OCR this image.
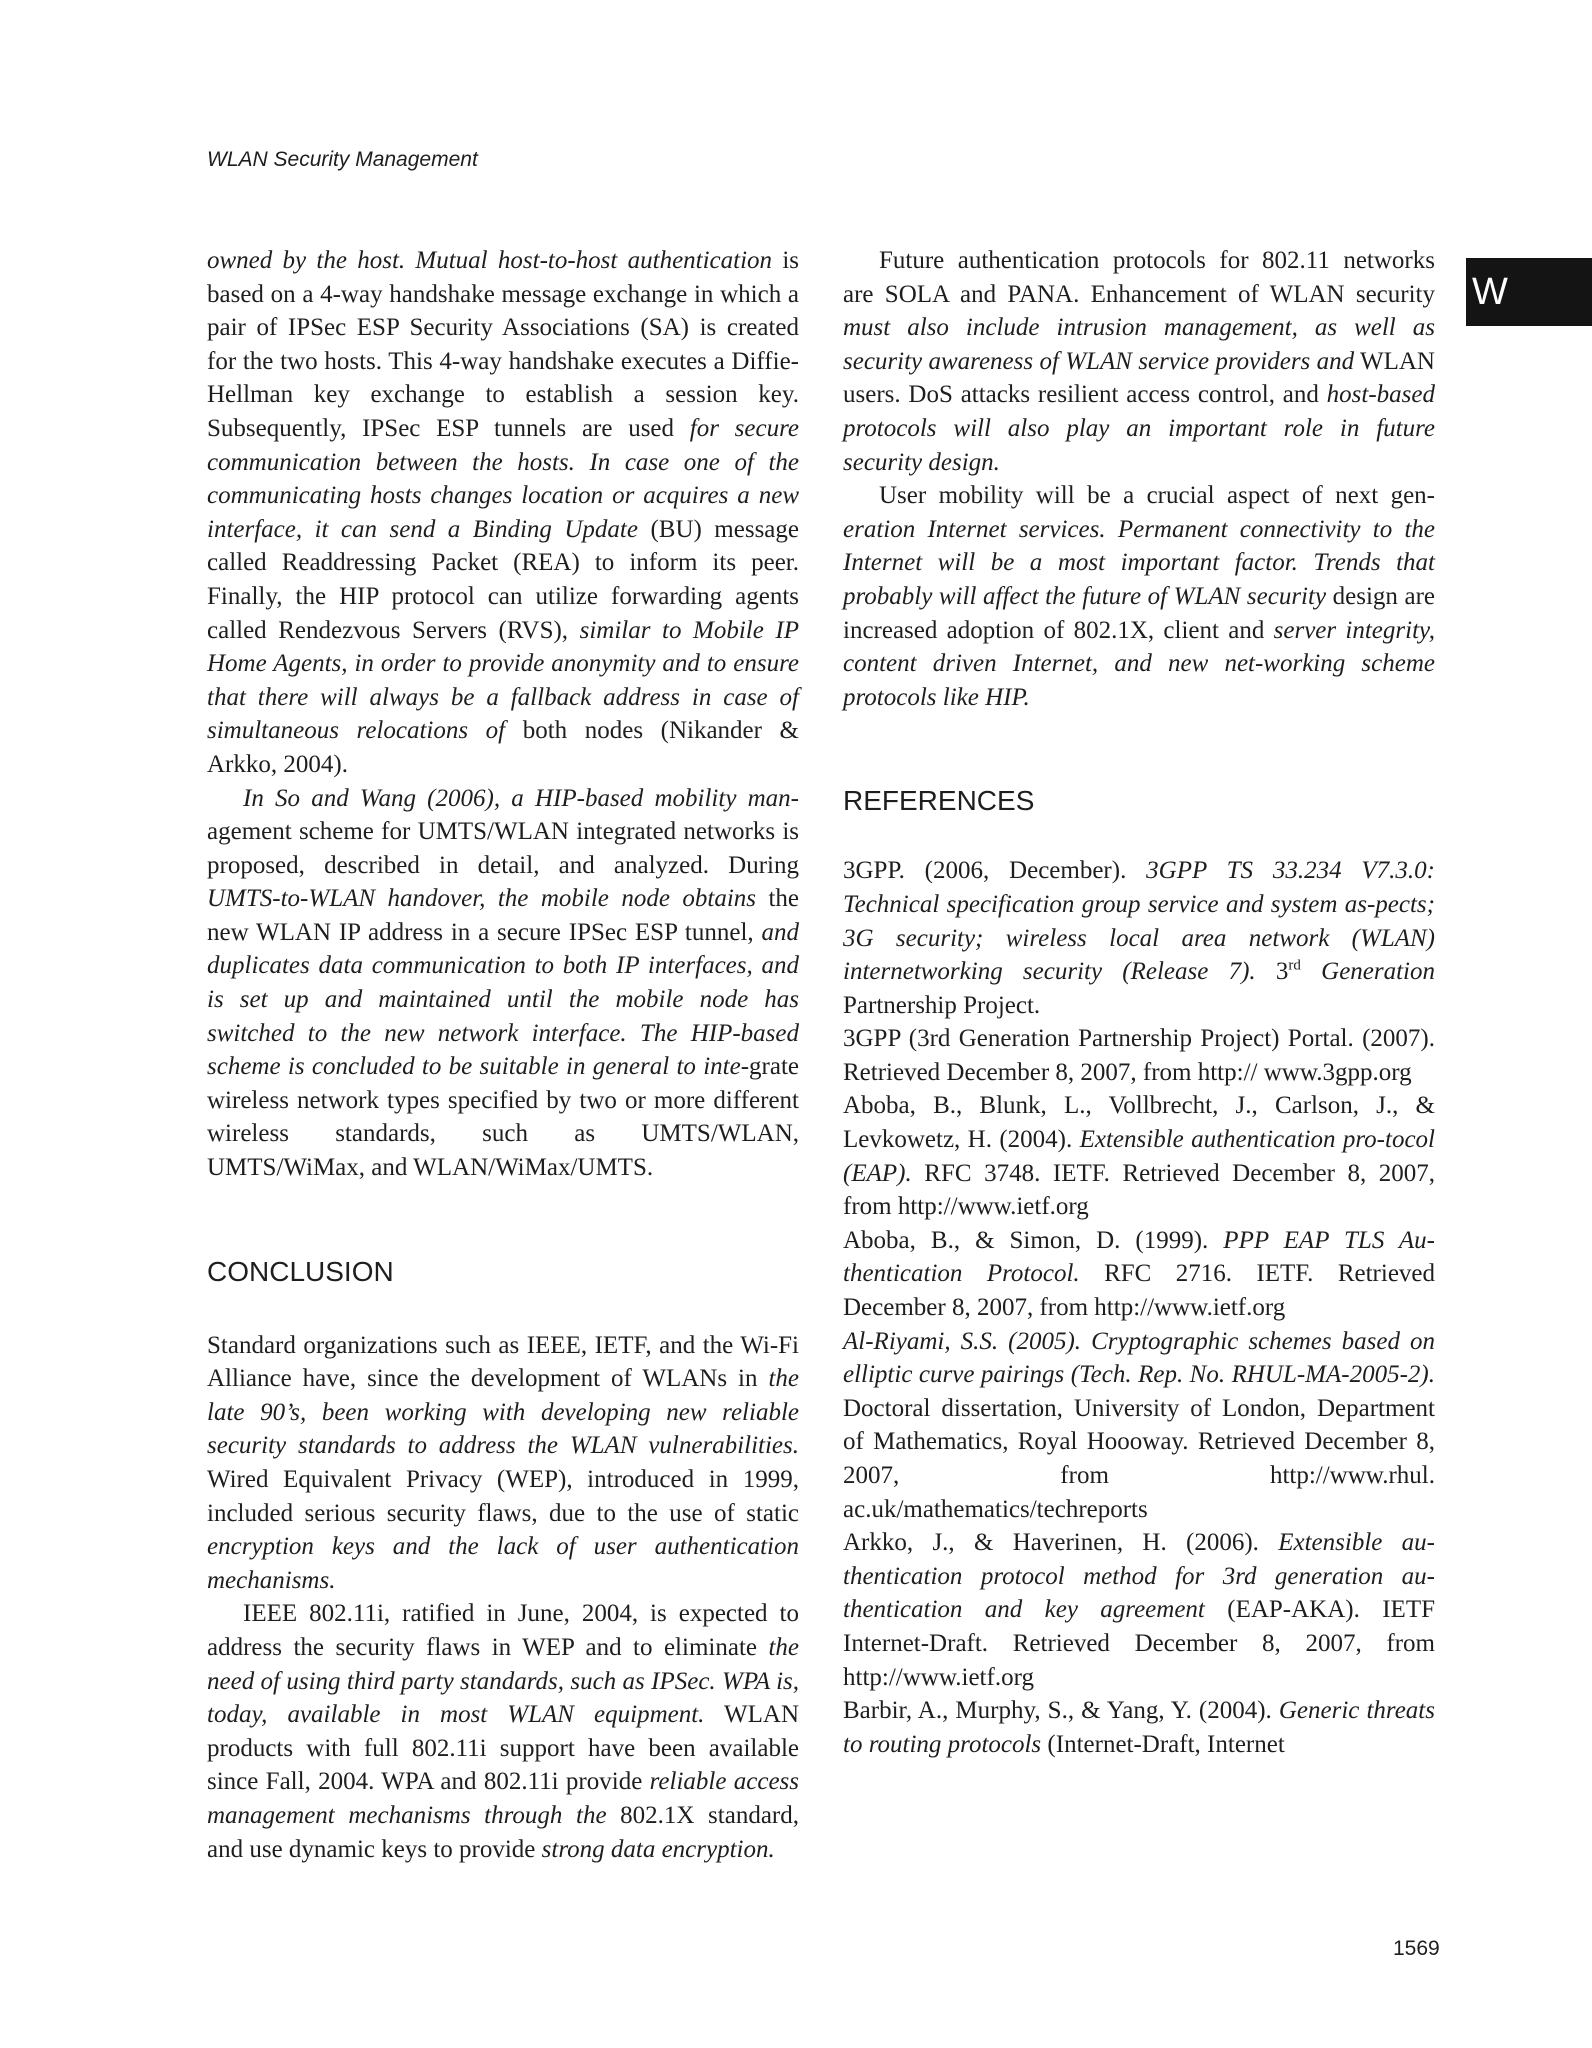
WLAN Security Management
W

owned by the host. Mutual host-to-host authentication is based on a 4-way handshake message exchange in which a pair of IPSec ESP Security Associations (SA) is created for the two hosts. This 4-way handshake executes a Diffie-Hellman key exchange to establish a session key. Subsequently, IPSec ESP tunnels are used for secure communication between the hosts. In case one of the communicating hosts changes location or acquires a new interface, it can send a Binding Update (BU) message called Readdressing Packet (REA) to inform its peer. Finally, the HIP protocol can utilize forwarding agents called Rendezvous Servers (RVS), similar to Mobile IP Home Agents, in order to provide anonymity and to ensure that there will always be a fallback address in case of simultaneous relocations of both nodes (Nikander & Arkko, 2004).

In So and Wang (2006), a HIP-based mobility man-agement scheme for UMTS/WLAN integrated networks is proposed, described in detail, and analyzed. During UMTS-to-WLAN handover, the mobile node obtains the new WLAN IP address in a secure IPSec ESP tunnel, and duplicates data communication to both IP interfaces, and is set up and maintained until the mobile node has switched to the new network interface. The HIP-based scheme is concluded to be suitable in general to inte-grate wireless network types specified by two or more different wireless standards, such as UMTS/WLAN, UMTS/WiMax, and WLAN/WiMax/UMTS.

CONCLUSION

Standard organizations such as IEEE, IETF, and the Wi-Fi Alliance have, since the development of WLANs in the late 90’s, been working with developing new reliable security standards to address the WLAN vulnerabilities. Wired Equivalent Privacy (WEP), introduced in 1999, included serious security flaws, due to the use of static encryption keys and the lack of user authentication mechanisms.

IEEE 802.11i, ratified in June, 2004, is expected to address the security flaws in WEP and to eliminate the need of using third party standards, such as IPSec. WPA is, today, available in most WLAN equipment. WLAN products with full 802.11i support have been available since Fall, 2004. WPA and 802.11i provide reliable access management mechanisms through the 802.1X standard, and use dynamic keys to provide strong data encryption.

Future authentication protocols for 802.11 networks are SOLA and PANA. Enhancement of WLAN security must also include intrusion management, as well as security awareness of WLAN service providers and WLAN users. DoS attacks resilient access control, and host-based protocols will also play an important role in future security design.

User mobility will be a crucial aspect of next gen-eration Internet services. Permanent connectivity to the Internet will be a most important factor. Trends that probably will affect the future of WLAN security design are increased adoption of 802.1X, client and server integrity, content driven Internet, and new net-working scheme protocols like HIP.

REFERENCES

3GPP. (2006, December). 3GPP TS 33.234 V7.3.0: Technical specification group service and system as-pects; 3G security; wireless local area network (WLAN) internetworking security (Release 7). 3rd Generation Partnership Project.

3GPP (3rd Generation Partnership Project) Portal. (2007). Retrieved December 8, 2007, from http:// www.3gpp.org

Aboba, B., Blunk, L., Vollbrecht, J., Carlson, J., & Levkowetz, H. (2004). Extensible authentication pro-tocol (EAP). RFC 3748. IETF. Retrieved December 8, 2007, from http://www.ietf.org

Aboba, B., & Simon, D. (1999). PPP EAP TLS Au-thentication Protocol. RFC 2716. IETF. Retrieved December 8, 2007, from http://www.ietf.org

Al-Riyami, S.S. (2005). Cryptographic schemes based on elliptic curve pairings (Tech. Rep. No. RHUL-MA-2005-2). Doctoral dissertation, University of London, Department of Mathematics, Royal Hoooway. Retrieved December 8, 2007, from http://www.rhul. ac.uk/mathematics/techreports

Arkko, J., & Haverinen, H. (2006). Extensible au-thentication protocol method for 3rd generation au-thentication and key agreement (EAP-AKA). IETF Internet-Draft. Retrieved December 8, 2007, from http://www.ietf.org

Barbir, A., Murphy, S., & Yang, Y. (2004). Generic threats to routing protocols (Internet-Draft, Internet

1569
